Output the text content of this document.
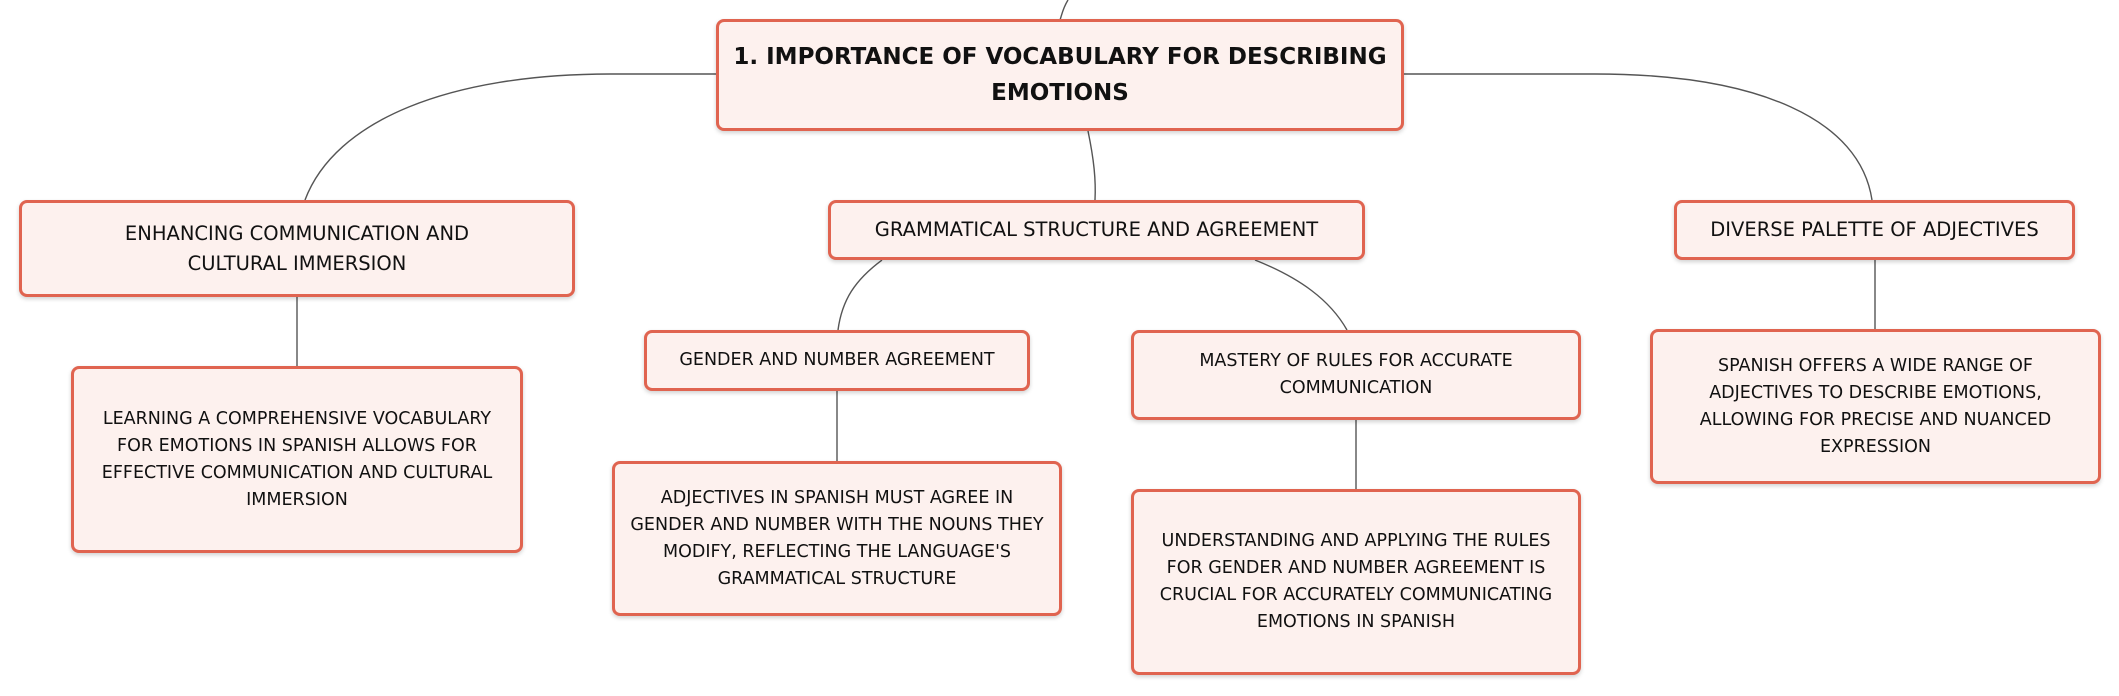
1. IMPORTANCE OF VOCABULARY FOR DESCRIBING EMOTIONS
ENHANCING COMMUNICATION AND CULTURAL IMMERSION
LEARNING A COMPREHENSIVE VOCABULARY FOR EMOTIONS IN SPANISH ALLOWS FOR EFFECTIVE COMMUNICATION AND CULTURAL IMMERSION
GRAMMATICAL STRUCTURE AND AGREEMENT
GENDER AND NUMBER AGREEMENT
ADJECTIVES IN SPANISH MUST AGREE IN GENDER AND NUMBER WITH THE NOUNS THEY MODIFY, REFLECTING THE LANGUAGE'S GRAMMATICAL STRUCTURE
MASTERY OF RULES FOR ACCURATE COMMUNICATION
UNDERSTANDING AND APPLYING THE RULES FOR GENDER AND NUMBER AGREEMENT IS CRUCIAL FOR ACCURATELY COMMUNICATING EMOTIONS IN SPANISH
DIVERSE PALETTE OF ADJECTIVES
SPANISH OFFERS A WIDE RANGE OF ADJECTIVES TO DESCRIBE EMOTIONS, ALLOWING FOR PRECISE AND NUANCED EXPRESSION
